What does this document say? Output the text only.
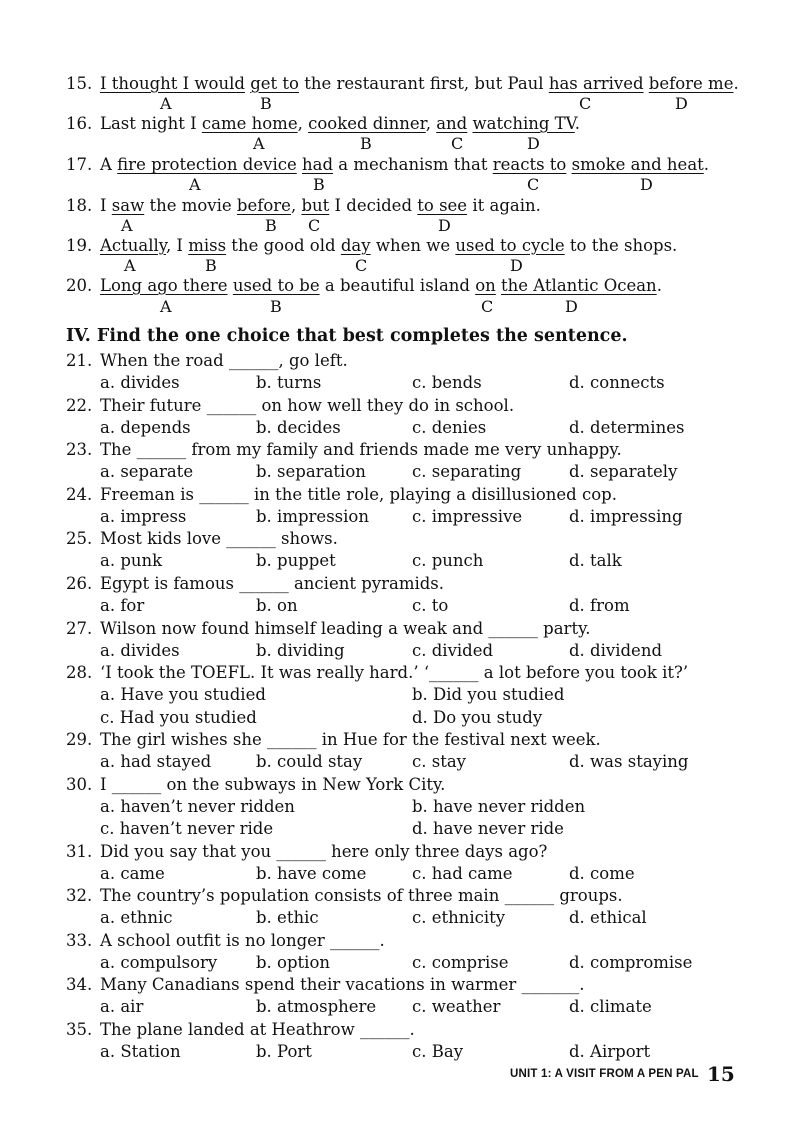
15. I thought I would get to the restaurant first, but Paul has arrived before me.
A	B	C	D
16. Last night I came home, cooked dinner, and watching TV.
A	B	C	D
17. A fire protection device had a mechanism that reacts to smoke and heat.
A	B	C	D
18. I saw the movie before, but I decided to see it again.
A	B C	D
19. Actually, I miss the good old day when we used to cycle to the shops.
A	B	C	D
20. Long ago there used to be a beautiful island on the Atlantic Ocean.
A	B	C	D
IV. Find the one choice that best completes the sentence.
21. When the road ______, go left.
a. divides	b. turns	c. bends	d. connects
22. Their future ______ on how well they do in school.
a. depends	b. decides	c. denies	d. determines
23. The ______ from my family and friends made me very unhappy.
a. separate	b. separation	c. separating	d. separately
24. Freeman is ______ in the title role, playing a disillusioned cop.
a. impress	b. impression	c. impressive	d. impressing
25. Most kids love ______ shows.
a. punk	b. puppet	c. punch	d. talk
26. Egypt is famous ______ ancient pyramids.
a. for	b. on	c. to	d. from
27. Wilson now found himself leading a weak and ______ party.
a. divides	b. dividing	c. divided	d. dividend
28. ‘I took the TOEFL. It was really hard.’ ‘______ a lot before you took it?’
a. Have you studied	b. Did you studied
c. Had you studied	d. Do you study
29. The girl wishes she ______ in Hue for the festival next week.
a. had stayed	b. could stay	c. stay	d. was staying
30. I ______ on the subways in New York City.
a. haven’t never ridden	b. have never ridden
c. haven’t never ride	d. have never ride
31. Did you say that you ______ here only three days ago?
a. came	b. have come	c. had came	d. come
32. The country’s population consists of three main ______ groups.
a. ethnic	b. ethic	c. ethnicity	d. ethical
33. A school outfit is no longer ______.
a. compulsory b. option	c. comprise	d. compromise
34. Many Canadians spend their vacations in warmer _______.
a. air	b. atmosphere c. weather	d. climate
35. The plane landed at Heathrow ______.
a. Station	b. Port	c. Bay	d. Airport
UNIT 1: A VISIT FROM A PEN PAL 15
